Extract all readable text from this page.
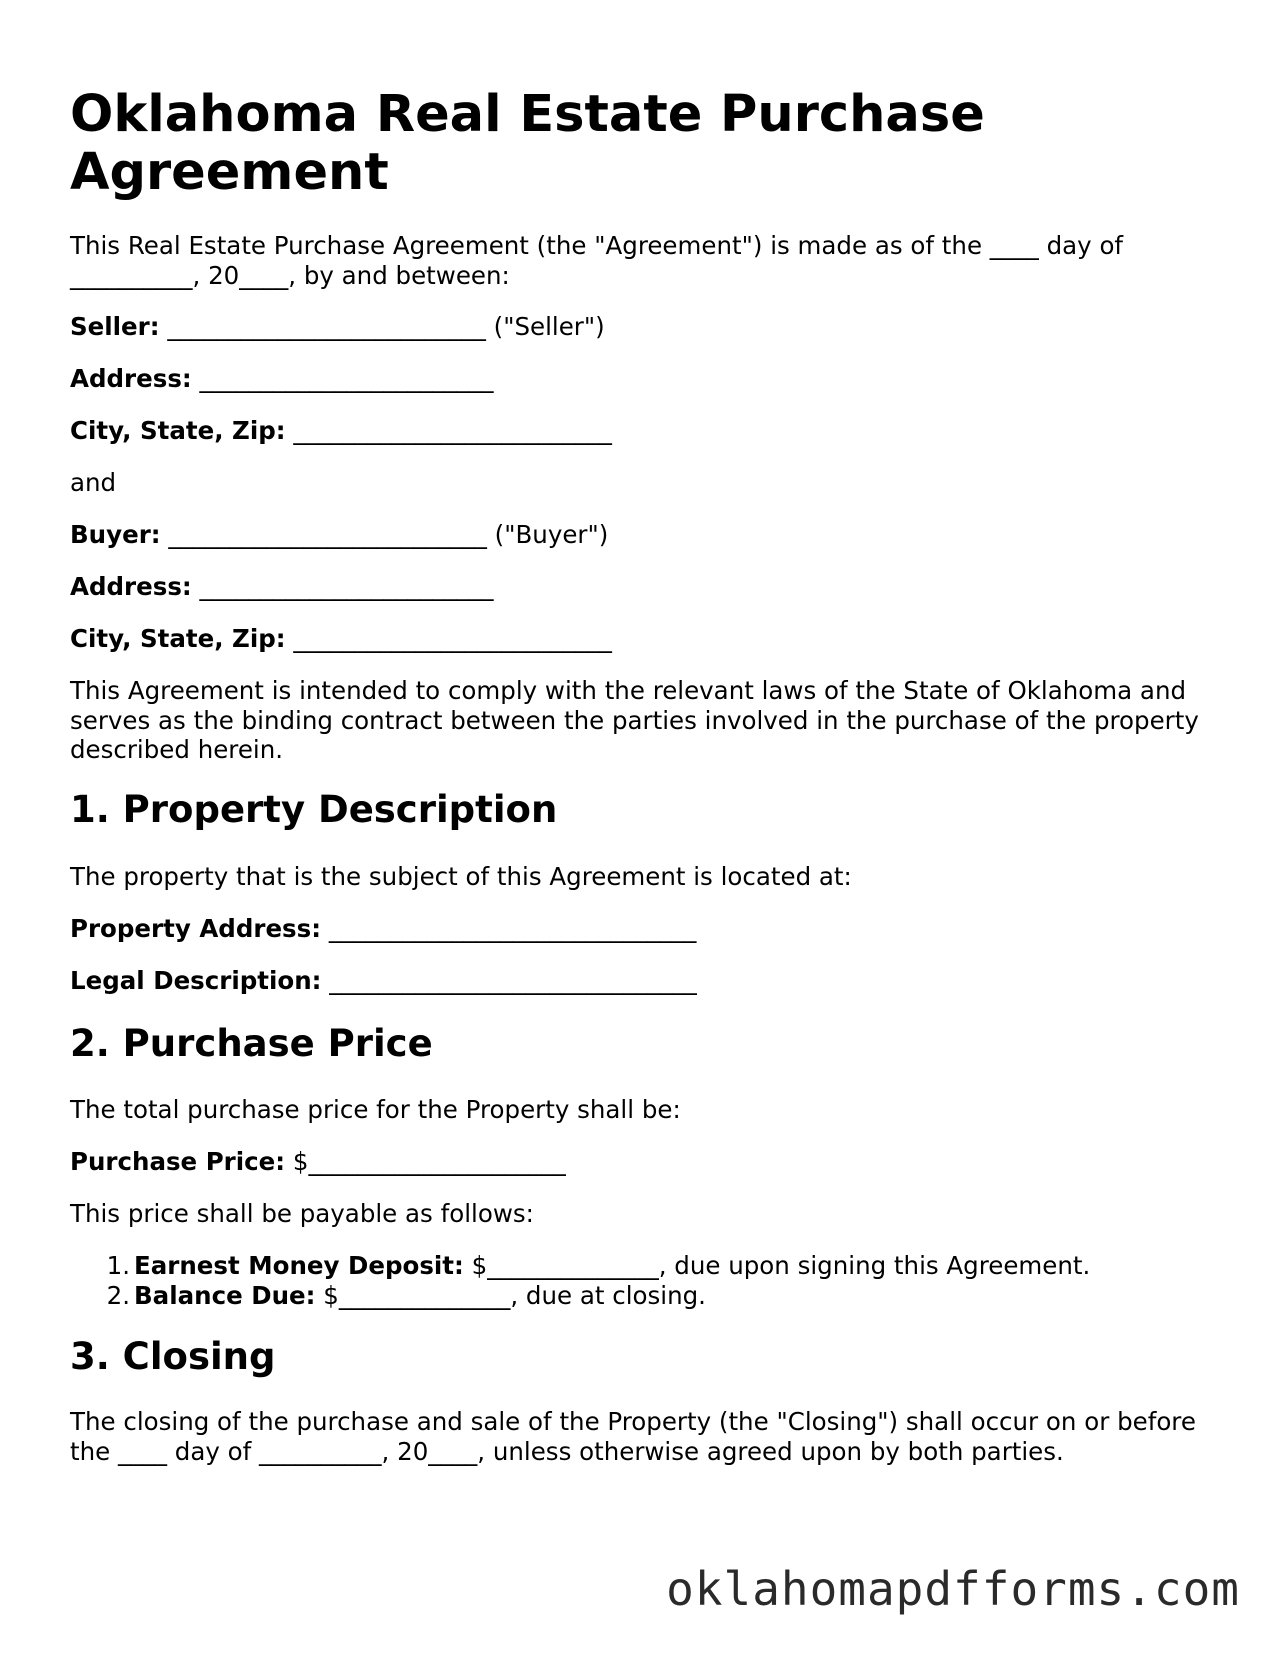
Oklahoma Real Estate Purchase Agreement

This Real Estate Purchase Agreement (the "Agreement") is made as of the ____ day of __________, 20____, by and between:

Seller: __________________________ ("Seller")

Address: ________________________

City, State, Zip: __________________________

and

Buyer: __________________________ ("Buyer")

Address: ________________________

City, State, Zip: __________________________

This Agreement is intended to comply with the relevant laws of the State of Oklahoma and serves as the binding contract between the parties involved in the purchase of the property described herein.

1. Property Description

The property that is the subject of this Agreement is located at:

Property Address: ______________________________

Legal Description: ______________________________

2. Purchase Price

The total purchase price for the Property shall be:

Purchase Price: $_____________________

This price shall be payable as follows:

1. Earnest Money Deposit: $______________, due upon signing this Agreement.
2. Balance Due: $______________, due at closing.
3. Closing

The closing of the purchase and sale of the Property (the "Closing") shall occur on or before the ____ day of __________, 20____, unless otherwise agreed upon by both parties.

oklahomapdfforms.com
